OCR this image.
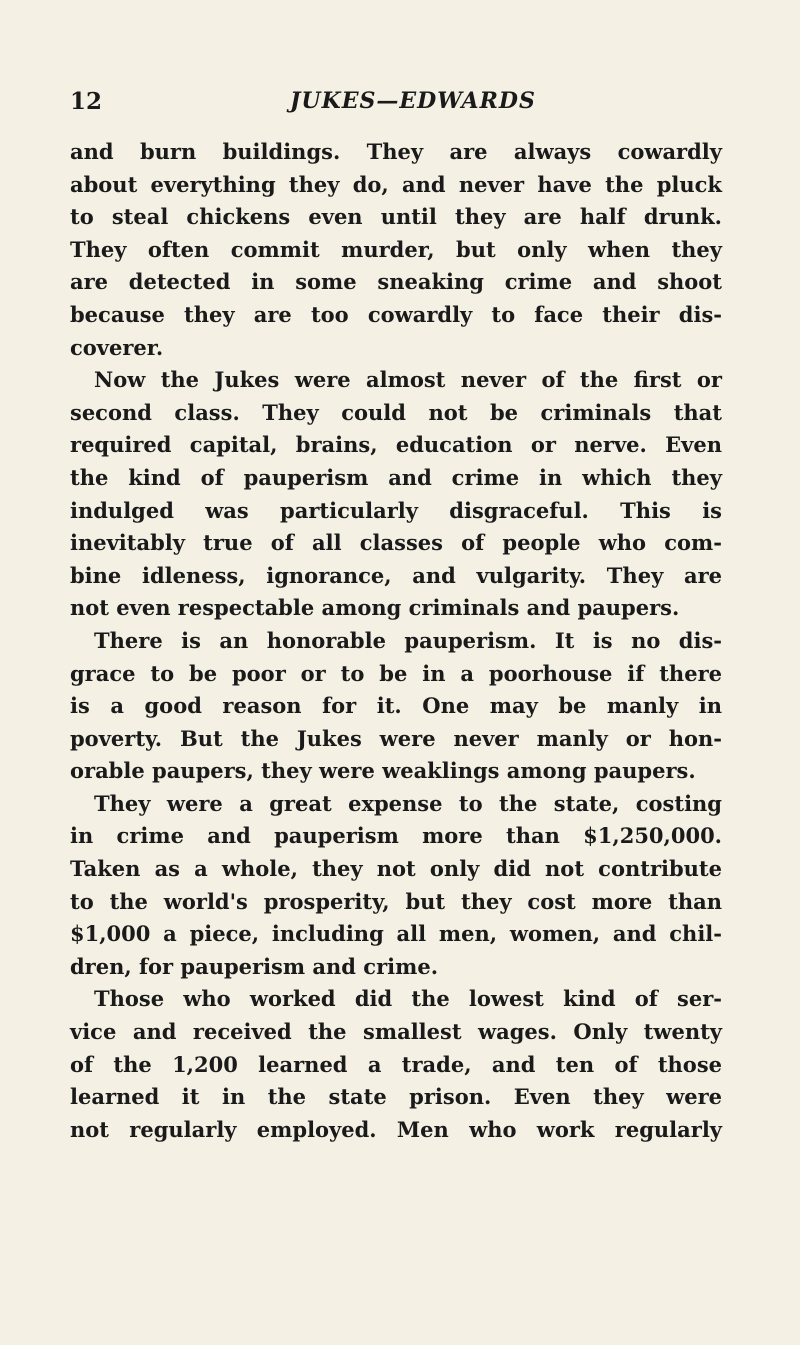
12	JUKES—EDWARDS
and burn buildings. They are always cowardly
about everything they do, and never have the pluck
to steal chickens even until they are half drunk.
They often commit murder, but only when they
are detected in some sneaking crime and shoot
because they are too cowardly to face their dis-
coverer.
Now the Jukes were almost never of the first or
second class. They could not be criminals that
required capital, brains, education or nerve. Even
the kind of pauperism and crime in which they
indulged was particularly disgraceful. This is
inevitably true of all classes of people who com-
bine idleness, ignorance, and vulgarity. They are
not even respectable among criminals and paupers.
There is an honorable pauperism. It is no dis-
grace to be poor or to be in a poorhouse if there
is a good reason for it. One may be manly in
poverty. But the Jukes were never manly or hon-
orable paupers, they were weaklings among paupers.
They were a great expense to the state, costing
in crime and pauperism more than $1,250,000.
Taken as a whole, they not only did not contribute
to the world's prosperity, but they cost more than
$1,000 a piece, including all men, women, and chil-
dren, for pauperism and crime.
Those who worked did the lowest kind of ser-
vice and received the smallest wages. Only twenty
of the 1,200 learned a trade, and ten of those
learned it in the state prison. Even they were
not regularly employed. Men who work regularly
